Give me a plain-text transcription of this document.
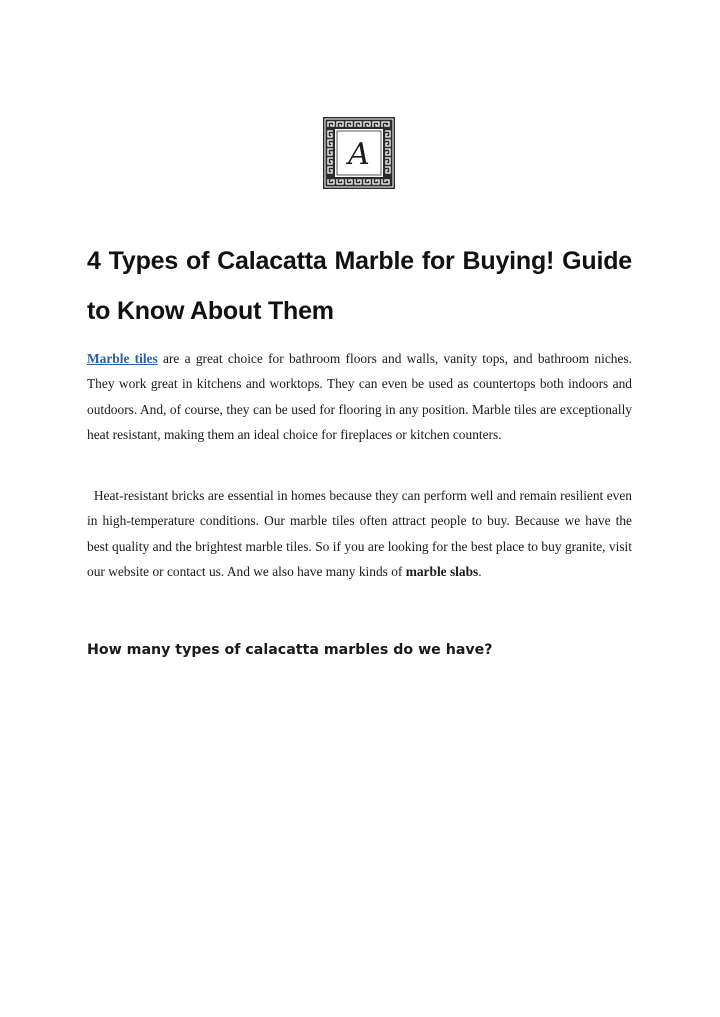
A
4 Types of Calacatta Marble for Buying! Guide to Know About Them

Marble tiles are a great choice for bathroom floors and walls, vanity tops, and bathroom niches. They work great in kitchens and worktops. They can even be used as countertops both indoors and outdoors. And, of course, they can be used for flooring in any position. Marble tiles are exceptionally heat resistant, making them an ideal choice for fireplaces or kitchen counters.

Heat-resistant bricks are essential in homes because they can perform well and remain resilient even in high-temperature conditions. Our marble tiles often attract people to buy. Because we have the best quality and the brightest marble tiles. So if you are looking for the best place to buy granite, visit our website or contact us. And we also have many kinds of marble slabs.

How many types of calacatta marbles do we have?
